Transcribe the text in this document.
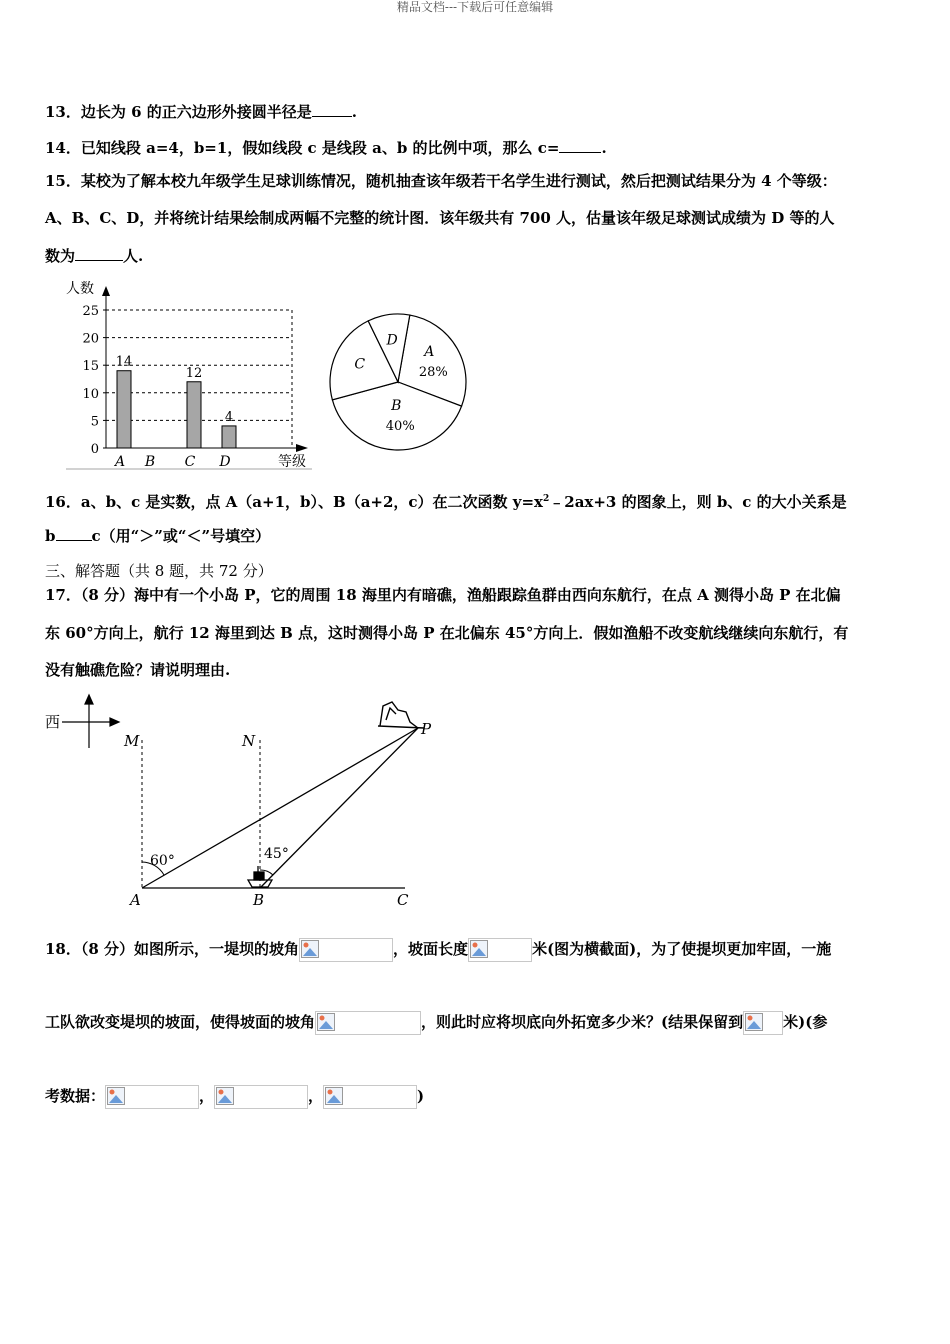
精品文档---下载后可任意编辑
13．边长为 6 的正六边形外接圆半径是	.
14．已知线段 a=4，b=1，假如线段 c 是线段 a、b 的比例中项，那么 c=	.
15．某校为了解本校九年级学生足球训练情况，随机抽查该年级若干名学生进行测试，然后把测试结果分为 4 个等级：
A、B、C、D，并将统计结果绘制成两幅不完整的统计图．该年级共有 700 人，估量该年级足球测试成绩为 D 等的人
数为	人.
人数
0
5
10
15
20
25
A B C D
14
12
4
等级
A
28%
B
40%
C
D
16．a、b、c 是实数，点 A（a+1，b）、B（a+2，c）在二次函数 $y=x^2﹣2ax+3$ 的图象上，则 b、c 的大小关系是
b c（用“＞”或“＜”号填空）
三、解答题（共 8 题，共 72 分）
17．（8 分）海中有一个小岛 P，它的周围 18 海里内有暗礁，渔船跟踪鱼群由西向东航行，在点 A 测得小岛 P 在北偏
东 60°方向上，航行 12 海里到达 B 点，这时测得小岛 P 在北偏东 45°方向上．假如渔船不改变航线继续向东航行，有
没有触礁危险？请说明理由.
西
M	N
60°	45°
P
A	B	C
18．（8 分）如图所示，一堤坝的坡角	，坡面长度	米(图为横截面)，为了使提坝更加牢固，一施
工队欲改变堤坝的坡面，使得坡面的坡角	，则此时应将坝底向外拓宽多少米？(结果保留到	米)(参
考数据：	，	，	)
